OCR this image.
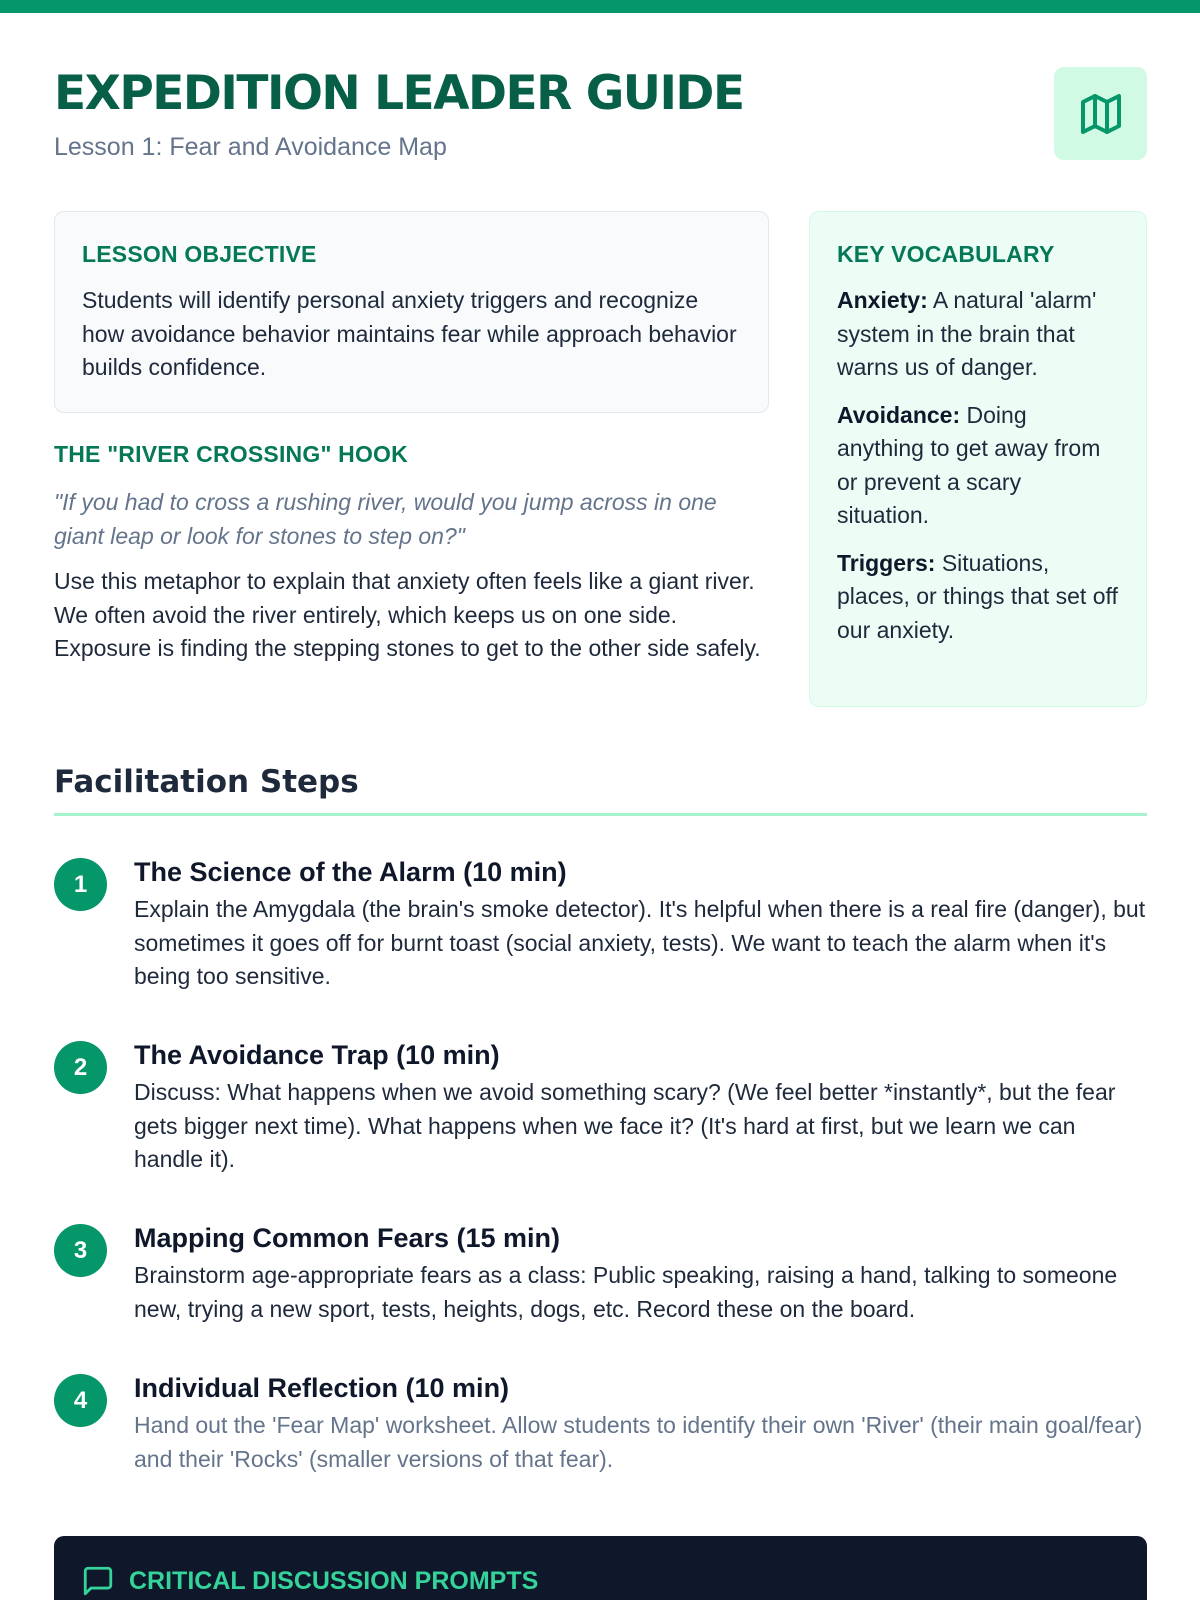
EXPEDITION LEADER GUIDE
Lesson 1: Fear and Avoidance Map
LESSON OBJECTIVE

Students will identify personal anxiety triggers and recognize how avoidance behavior maintains fear while approach behavior builds confidence.

THE "RIVER CROSSING" HOOK

"If you had to cross a rushing river, would you jump across in one giant leap or look for stones to step on?"

Use this metaphor to explain that anxiety often feels like a giant river. We often avoid the river entirely, which keeps us on one side. Exposure is finding the stepping stones to get to the other side safely.

KEY VOCABULARY

Anxiety: A natural 'alarm' system in the brain that warns us of danger.

Avoidance: Doing anything to get away from or prevent a scary situation.

Triggers: Situations, places, or things that set off our anxiety.

Facilitation Steps
1	The Science of the Alarm (10 min)

Explain the Amygdala (the brain's smoke detector). It's helpful when there is a real fire (danger), but sometimes it goes off for burnt toast (social anxiety, tests). We want to teach the alarm when it's being too sensitive.

2	The Avoidance Trap (10 min)

Discuss: What happens when we avoid something scary? (We feel better *instantly*, but the fear gets bigger next time). What happens when we face it? (It's hard at first, but we learn we can handle it).

3	Mapping Common Fears (15 min)

Brainstorm age-appropriate fears as a class: Public speaking, raising a hand, talking to someone new, trying a new sport, tests, heights, dogs, etc. Record these on the board.

4	Individual Reflection (10 min)

Hand out the 'Fear Map' worksheet. Allow students to identify their own 'River' (their main goal/fear) and their 'Rocks' (smaller versions of that fear).

CRITICAL DISCUSSION PROMPTS
